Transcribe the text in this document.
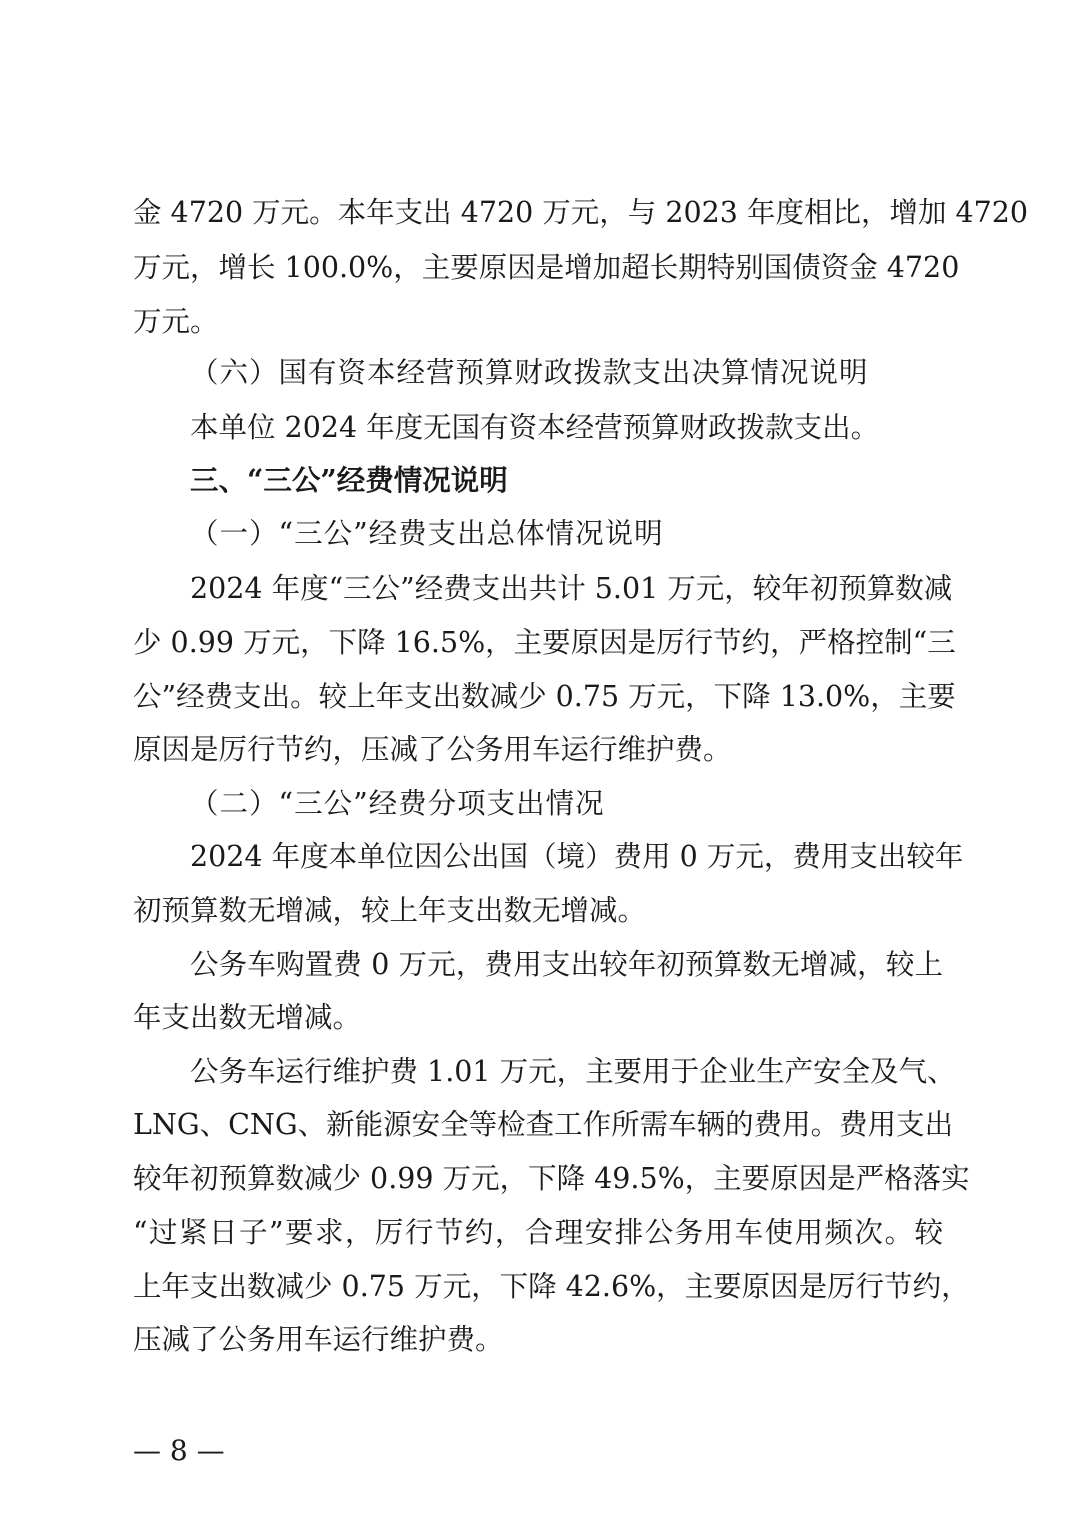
金 4720 万元。本年支出 4720 万元，与 2023 年度相比，增加 4720
万元，增长 100.0%，主要原因是增加超长期特别国债资金 4720
万元。
（六）国有资本经营预算财政拨款支出决算情况说明
本单位 2024 年度无国有资本经营预算财政拨款支出。
三、“三公”经费情况说明
（一）“三公”经费支出总体情况说明
2024 年度“三公”经费支出共计 5.01 万元，较年初预算数减
少 0.99 万元，下降 16.5%，主要原因是厉行节约，严格控制“三
公”经费支出。较上年支出数减少 0.75 万元，下降 13.0%，主要
原因是厉行节约，压减了公务用车运行维护费。
（二）“三公”经费分项支出情况
2024 年度本单位因公出国（境）费用 0 万元，费用支出较年
初预算数无增减，较上年支出数无增减。
公务车购置费 0 万元，费用支出较年初预算数无增减，较上
年支出数无增减。
公务车运行维护费 1.01 万元，主要用于企业生产安全及气、
LNG、CNG、新能源安全等检查工作所需车辆的费用。费用支出
较年初预算数减少 0.99 万元，下降 49.5%，主要原因是严格落实
“过紧日子”要求，厉行节约，合理安排公务用车使用频次。较
上年支出数减少 0.75 万元，下降 42.6%，主要原因是厉行节约，
压减了公务用车运行维护费。
— 8 —
